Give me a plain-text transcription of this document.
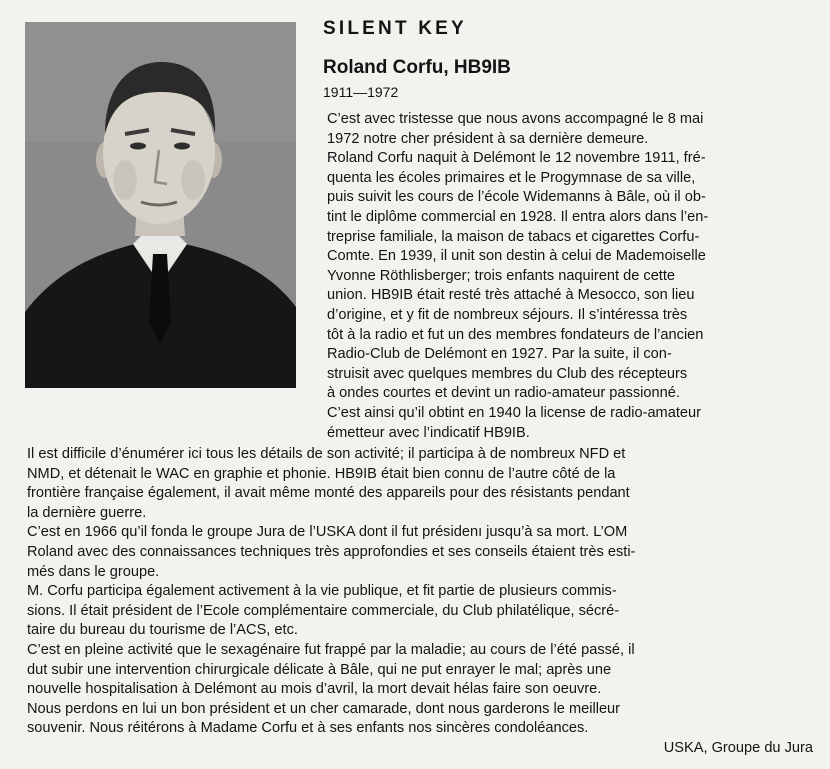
SILENT KEY
Roland Corfu, HB9IB
1911—1972
C’est avec tristesse que nous avons accompagné le 8 mai
1972 notre cher président à sa dernière demeure.
Roland Corfu naquit à Delémont le 12 novembre 1911, fré-
quenta les écoles primaires et le Progymnase de sa ville,
puis suivit les cours de l’école Widemanns à Bâle, où il ob-
tint le diplôme commercial en 1928. Il entra alors dans l’en-
treprise familiale, la maison de tabacs et cigarettes Corfu-
Comte. En 1939, il unit son destin à celui de Mademoiselle
Yvonne Röthlisberger; trois enfants naquirent de cette
union. HB9IB était resté très attaché à Mesocco, son lieu
d’origine, et y fit de nombreux séjours. Il s’intéressa très
tôt à la radio et fut un des membres fondateurs de l’ancien
Radio-Club de Delémont en 1927. Par la suite, il con-
struisit avec quelques membres du Club des récepteurs
à ondes courtes et devint un radio-amateur passionné.
C’est ainsi qu’il obtint en 1940 la license de radio-amateur
émetteur avec l’indicatif HB9IB.
Il est difficile d’énumérer ici tous les détails de son activité; il participa à de nombreux NFD et
NMD, et détenait le WAC en graphie et phonie. HB9IB était bien connu de l’autre côté de la
frontière française également, il avait même monté des appareils pour des résistants pendant
la dernière guerre.
C’est en 1966 qu’il fonda le groupe Jura de l’USKA dont il fut présidenı jusqu’à sa mort. L’OM
Roland avec des connaissances techniques très approfondies et ses conseils étaient très esti-
més dans le groupe.
M. Corfu participa également activement à la vie publique, et fit partie de plusieurs commis-
sions. Il était président de l’Ecole complémentaire commerciale, du Club philatélique, sécré-
taire du bureau du tourisme de l’ACS, etc.
C’est en pleine activité que le sexagénaire fut frappé par la maladie; au cours de l’été passé, il
dut subir une intervention chirurgicale délicate à Bâle, qui ne put enrayer le mal; après une
nouvelle hospitalisation à Delémont au mois d’avril, la mort devait hélas faire son oeuvre.
Nous perdons en lui un bon président et un cher camarade, dont nous garderons le meilleur
souvenir. Nous réitérons à Madame Corfu et à ses enfants nos sincères condoléances.
USKA, Groupe du Jura
